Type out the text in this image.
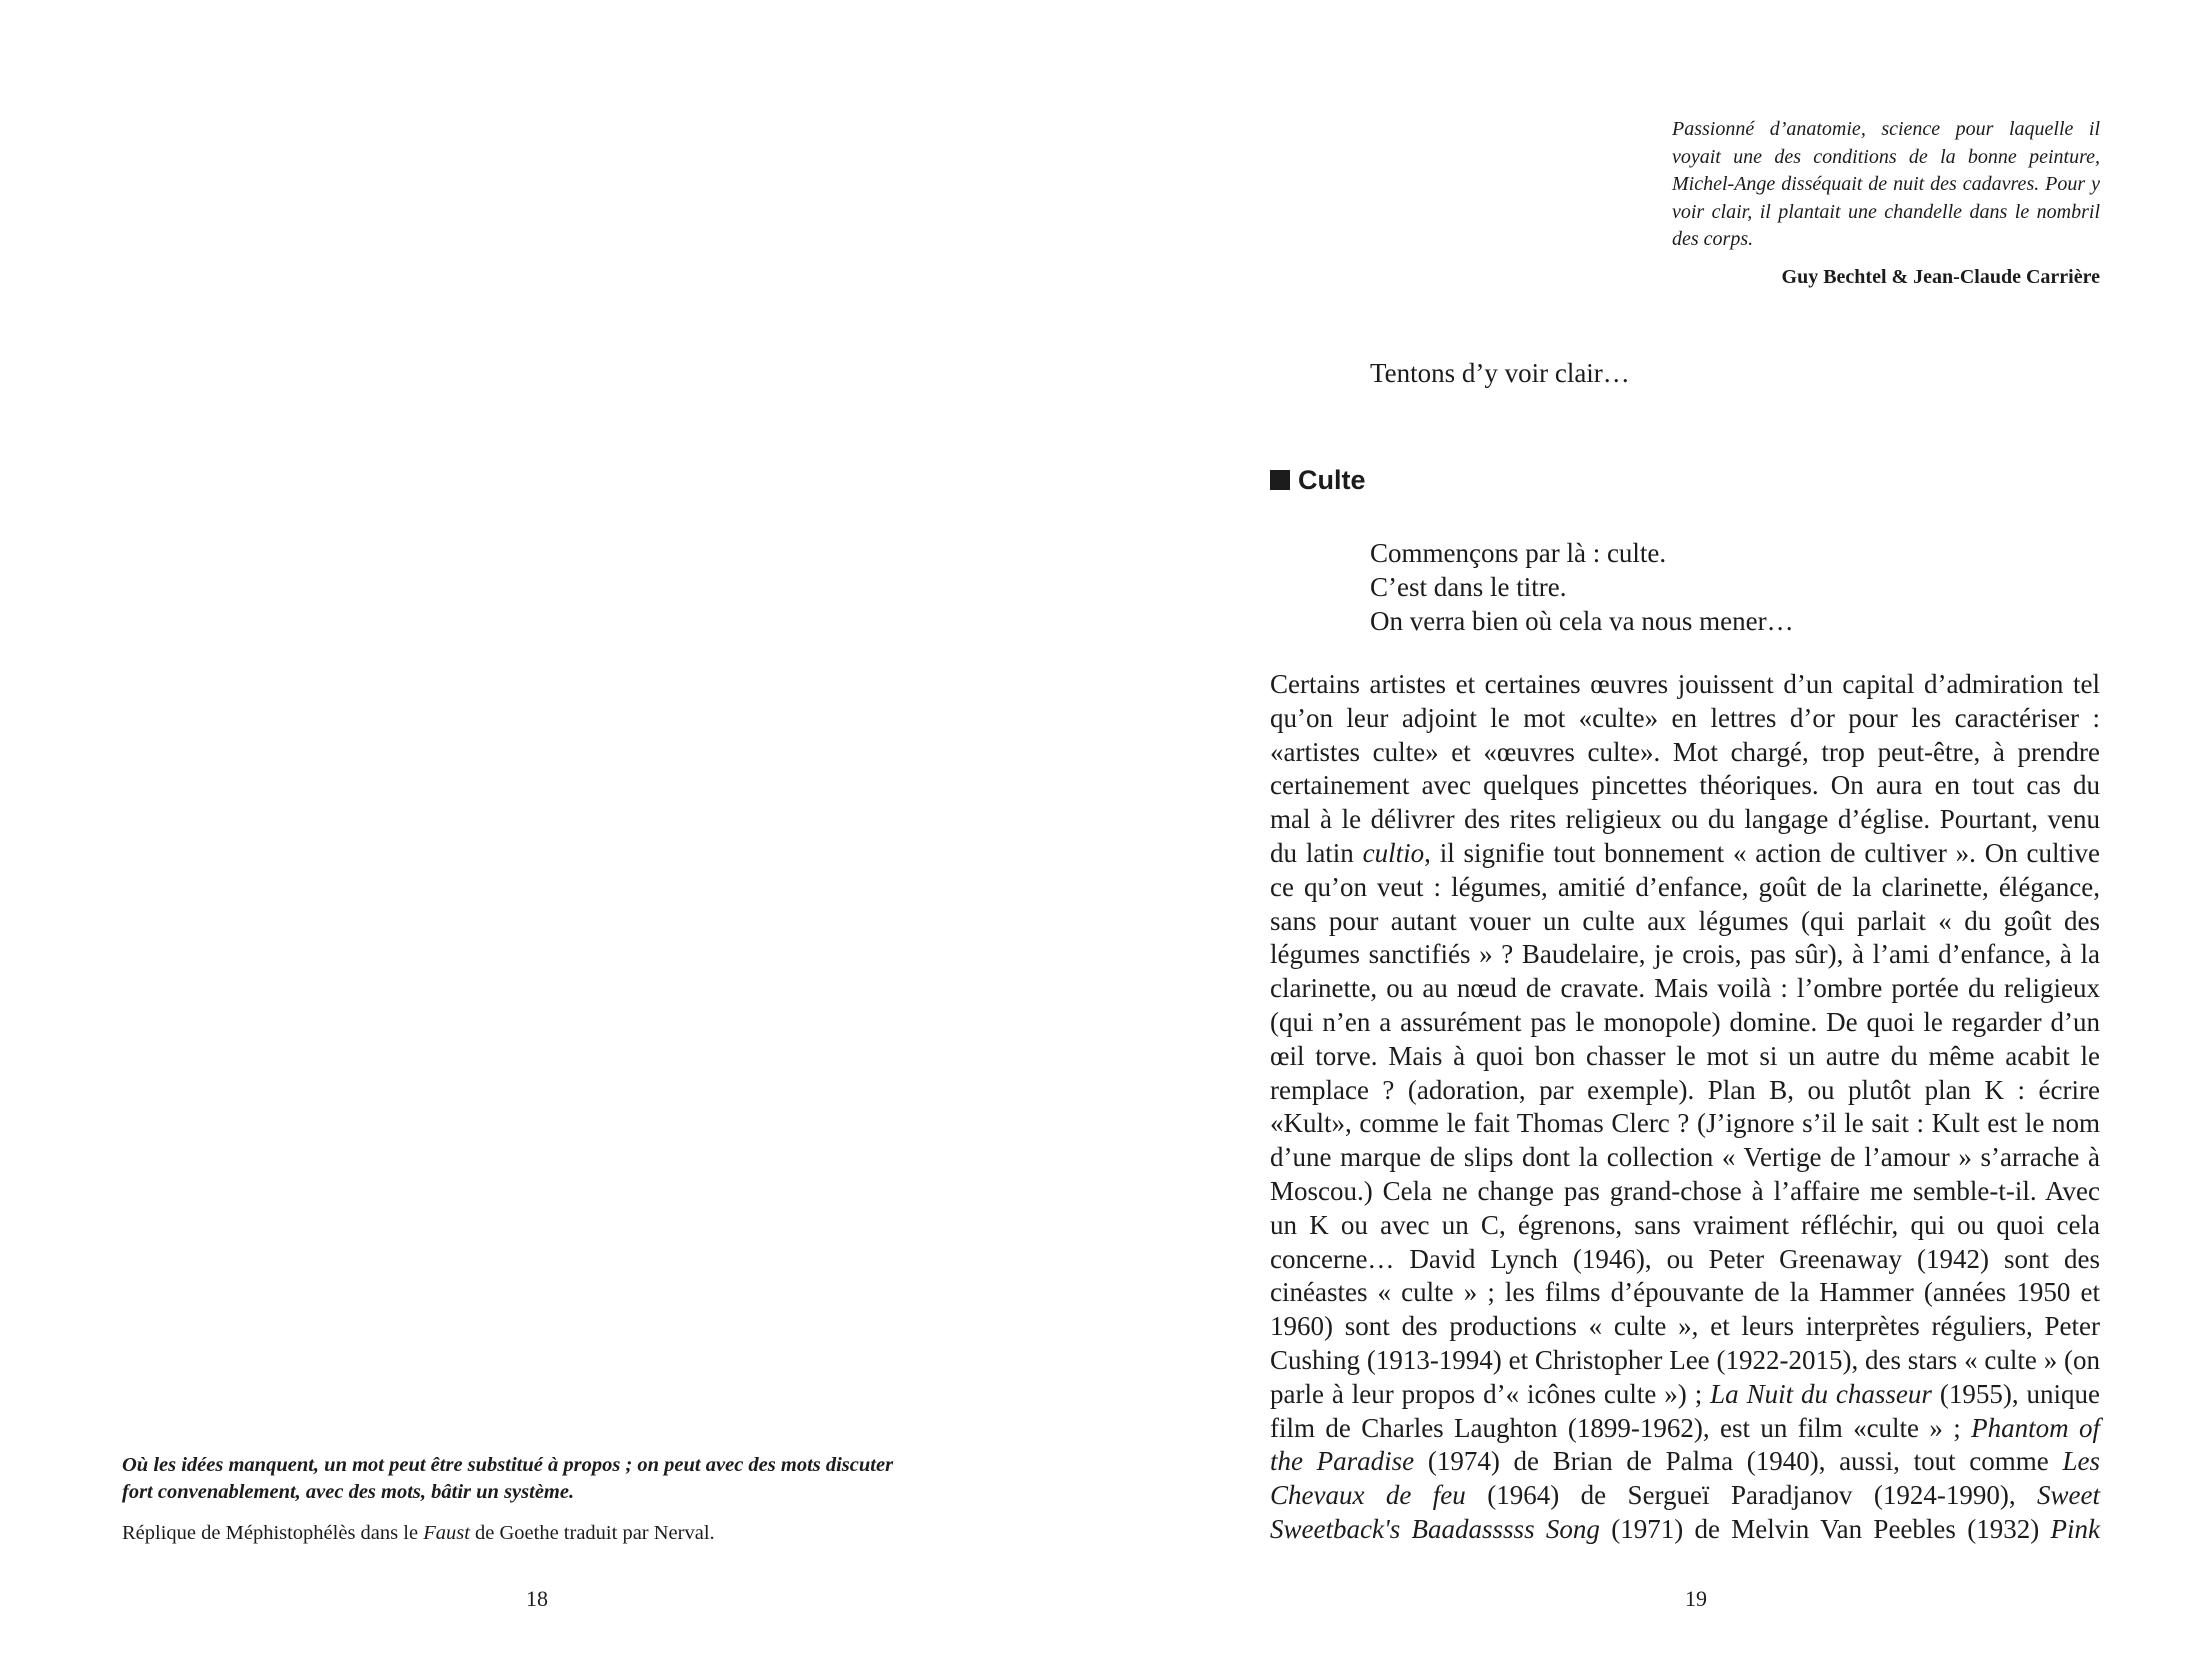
Où les idées manquent, un mot peut être substitué à propos ; on peut avec des mots discuter
fort convenablement, avec des mots, bâtir un système.

Réplique de Méphistophélès dans le Faust de Goethe traduit par Nerval.

18

Passionné d’anatomie, science pour laquelle il voyait une des conditions de la bonne peinture, Michel-Ange disséquait de nuit des cadavres. Pour y voir clair, il plantait une chandelle dans le nombril des corps.

Guy Bechtel & Jean-Claude Carrière

Tentons d’y voir clair…

Culte

Commençons par là : culte.

C’est dans le titre.

On verra bien où cela va nous mener…

Certains artistes et certaines œuvres jouissent d’un capital d’admiration tel
qu’on leur adjoint le mot «culte» en lettres d’or pour les caractériser :
«artistes culte» et «œuvres culte». Mot chargé, trop peut-être, à prendre
certainement avec quelques pincettes théoriques. On aura en tout cas du
mal à le délivrer des rites religieux ou du langage d’église. Pourtant, venu
du latin cultio, il signifie tout bonnement « action de cultiver ». On cultive
ce qu’on veut : légumes, amitié d’enfance, goût de la clarinette, élégance,
sans pour autant vouer un culte aux légumes (qui parlait « du goût des
légumes sanctifiés » ? Baudelaire, je crois, pas sûr), à l’ami d’enfance, à la
clarinette, ou au nœud de cravate. Mais voilà : l’ombre portée du religieux
(qui n’en a assurément pas le monopole) domine. De quoi le regarder d’un
œil torve. Mais à quoi bon chasser le mot si un autre du même acabit le
remplace ? (adoration, par exemple). Plan B, ou plutôt plan K : écrire
«Kult», comme le fait Thomas Clerc ? (J’ignore s’il le sait : Kult est le nom
d’une marque de slips dont la collection « Vertige de l’amour » s’arrache à
Moscou.) Cela ne change pas grand-chose à l’affaire me semble-t-il. Avec
un K ou avec un C, égrenons, sans vraiment réfléchir, qui ou quoi cela
concerne… David Lynch (1946), ou Peter Greenaway (1942) sont des
cinéastes « culte » ; les films d’épouvante de la Hammer (années 1950 et
1960) sont des productions « culte », et leurs interprètes réguliers, Peter
Cushing (1913-1994) et Christopher Lee (1922-2015), des stars « culte » (on
parle à leur propos d’« icônes culte ») ; La Nuit du chasseur (1955), unique
film de Charles Laughton (1899-1962), est un film «culte » ; Phantom of
the Paradise (1974) de Brian de Palma (1940), aussi, tout comme Les
Chevaux de feu (1964) de Sergueï Paradjanov (1924-1990), Sweet
Sweetback's Baadasssss Song (1971) de Melvin Van Peebles (1932) Pink
19
